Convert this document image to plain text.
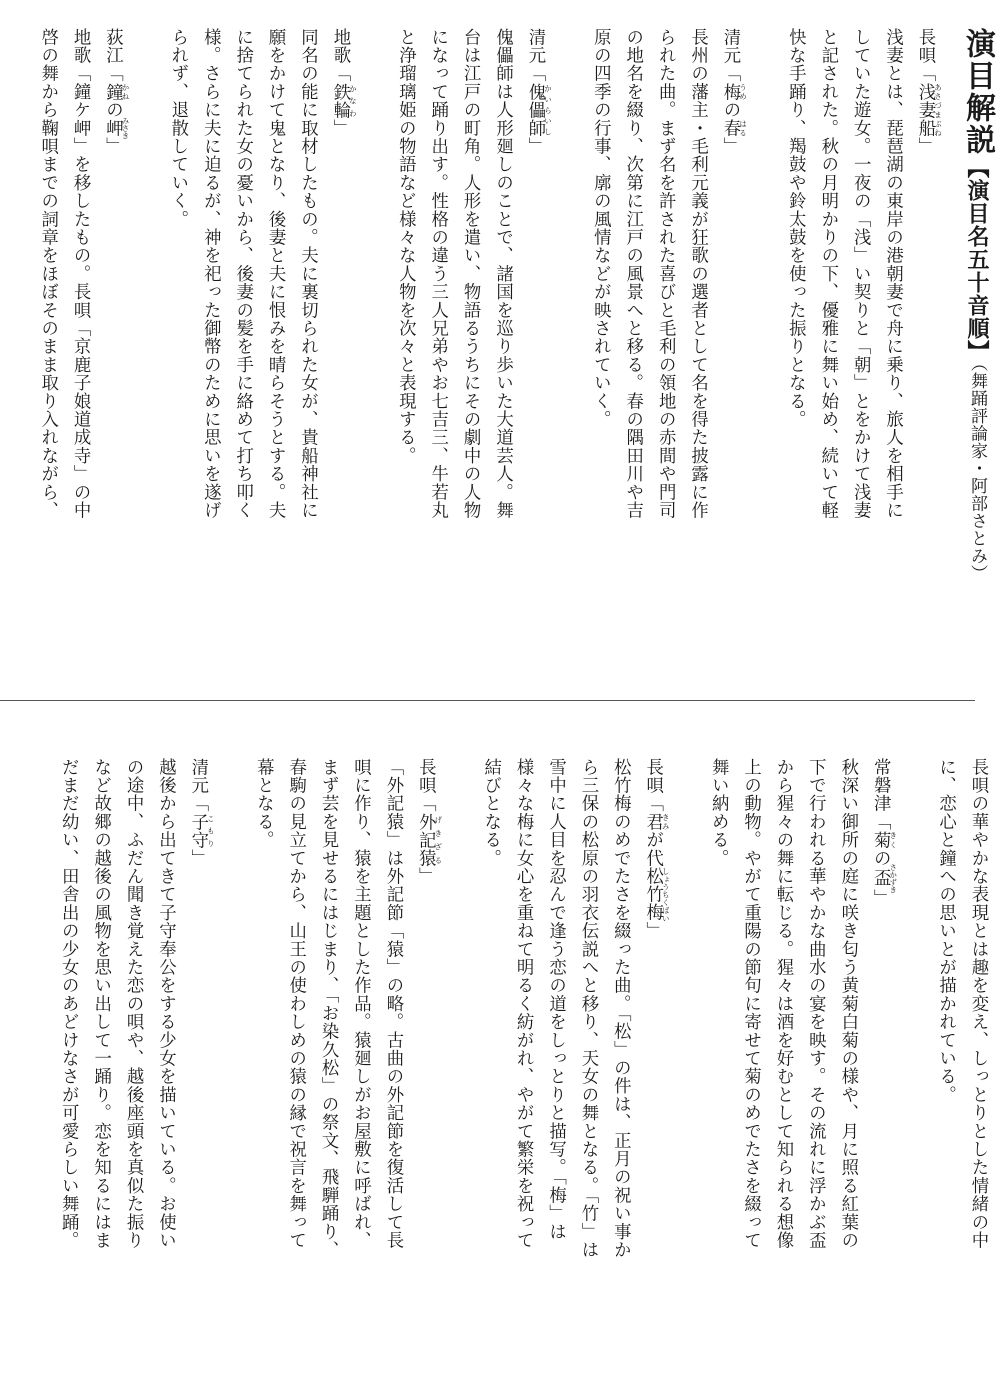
演目解説【演目名五十音順】（舞踊評論家・阿部さとみ）
長唄「浅妻船あさづまぶね」
浅妻とは、琵琶湖の東岸の港朝妻で舟に乗り、旅人を相手に
していた遊女。一夜の「浅」い契りと「朝」とをかけて浅妻
と記された。秋の月明かりの下、優雅に舞い始め、続いて軽
快な手踊り、羯鼓や鈴太鼓を使った振りとなる。
清元「梅うめの春はる」
長州の藩主・毛利元義が狂歌の選者として名を得た披露に作
られた曲。まず名を許された喜びと毛利の領地の赤間や門司
の地名を綴り、次第に江戸の風景へと移る。春の隅田川や吉
原の四季の行事、廓の風情などが映されていく。
清元「傀儡師かいらいし」
傀儡師は人形廻しのことで、諸国を巡り歩いた大道芸人。舞
台は江戸の町角。人形を遣い、物語るうちにその劇中の人物
になって踊り出す。性格の違う三人兄弟やお七吉三、牛若丸
と浄瑠璃姫の物語など様々な人物を次々と表現する。
地歌「鉄輪かなわ」
同名の能に取材したもの。夫に裏切られた女が、貴船神社に
願をかけて鬼となり、後妻と夫に恨みを晴らそうとする。夫
に捨てられた女の憂いから、後妻の髪を手に絡めて打ち叩く
様。さらに夫に迫るが、神を祀った御幣のために思いを遂げ
られず、退散していく。
荻江「鐘かねの岬みさき」
地歌「鐘ケ岬」を移したもの。長唄「京鹿子娘道成寺」の中
啓の舞から鞠唄までの詞章をほぼそのまま取り入れながら、
長唄の華やかな表現とは趣を変え、しっとりとした情緒の中
に、恋心と鐘への思いとが描かれている。
常磐津「菊きくの盃さかずき」
秋深い御所の庭に咲き匂う黄菊白菊の様や、月に照る紅葉の
下で行われる華やかな曲水の宴を映す。その流れに浮かぶ盃
から猩々の舞に転じる。猩々は酒を好むとして知られる想像
上の動物。やがて重陽の節句に寄せて菊のめでたさを綴って
舞い納める。
長唄「君きみが代松竹梅しょうちくばい」
松竹梅のめでたさを綴った曲。「松」の件は、正月の祝い事か
ら三保の松原の羽衣伝説へと移り、天女の舞となる。「竹」は
雪中に人目を忍んで逢う恋の道をしっとりと描写。「梅」は
様々な梅に女心を重ねて明るく紡がれ、やがて繁栄を祝って
結びとなる。
長唄「外記猿げきざる」
「外記猿」は外記節「猿」の略。古曲の外記節を復活して長
唄に作り、猿を主題とした作品。猿廻しがお屋敷に呼ばれ、
まず芸を見せるにはじまり、「お染久松」の祭文、飛騨踊り、
春駒の見立てから、山王の使わしめの猿の縁で祝言を舞って
幕となる。
清元「子守こもり」
越後から出てきて子守奉公をする少女を描いている。お使い
の途中、ふだん聞き覚えた恋の唄や、越後座頭を真似た振り
など故郷の越後の風物を思い出して一踊り。恋を知るにはま
だまだ幼い、田舎出の少女のあどけなさが可愛らしい舞踊。
